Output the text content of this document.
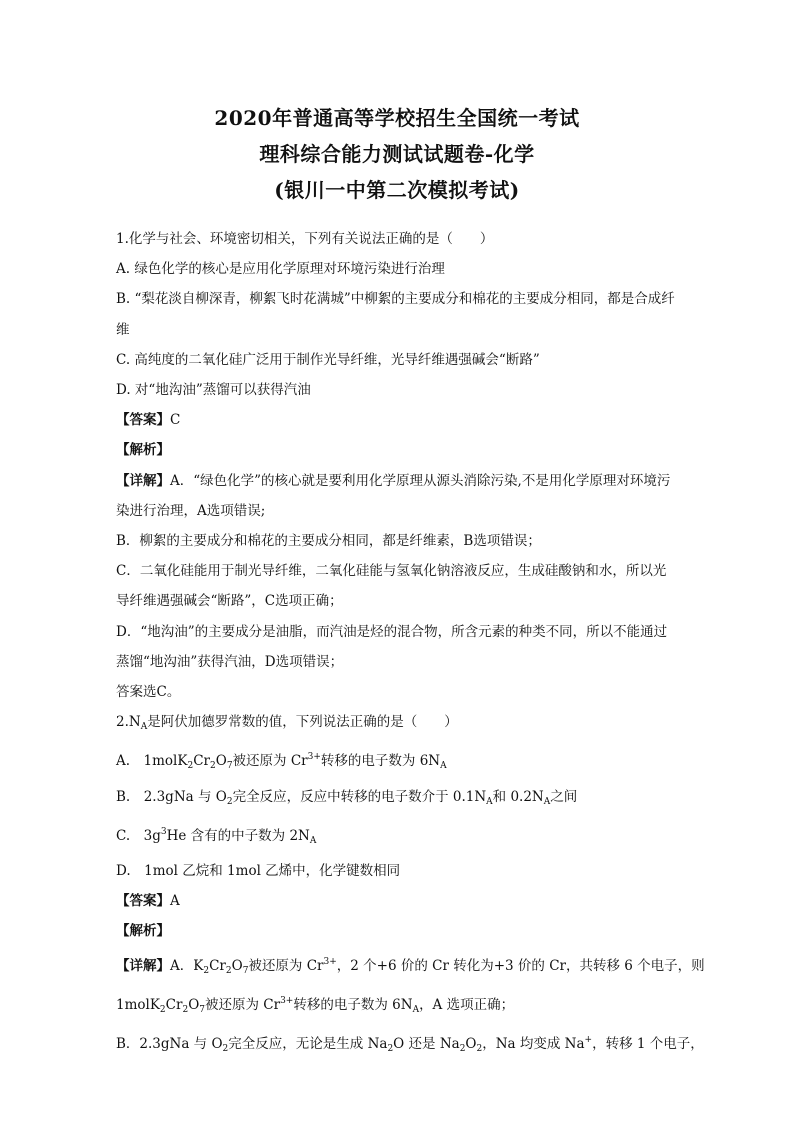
2020年普通高等学校招生全国统一考试
理科综合能力测试试题卷-化学
(银川一中第二次模拟考试)
1.化学与社会、环境密切相关，下列有关说法正确的是（　　）
A. 绿色化学的核心是应用化学原理对环境污染进行治理
B. “梨花淡自柳深青，柳絮飞时花满城”中柳絮的主要成分和棉花的主要成分相同，都是合成纤
维
C. 高纯度的二氧化硅广泛用于制作光导纤维，光导纤维遇强碱会“断路”
D. 对“地沟油”蒸馏可以获得汽油
【答案】C
【解析】
【详解】A．“绿色化学”的核心就是要利用化学原理从源头消除污染,不是用化学原理对环境污
染进行治理，A选项错误;
B．柳絮的主要成分和棉花的主要成分相同，都是纤维素，B选项错误；
C．二氧化硅能用于制光导纤维，二氧化硅能与氢氧化钠溶液反应，生成硅酸钠和水，所以光
导纤维遇强碱会“断路”，C选项正确；
D．“地沟油”的主要成分是油脂，而汽油是烃的混合物，所含元素的种类不同，所以不能通过
蒸馏“地沟油”获得汽油，D选项错误；
答案选C。
$2.N_A$是阿伏加德罗常数的值，下列说法正确的是（　　）
A.　$1molK_2Cr_2O_7$被还原为 $Cr^{3+}$转移的电子数为 $6N_A$
B.　2.3gNa 与 $O_2$完全反应，反应中转移的电子数介于 $0.1N_A$和 $0.2N_A$之间
C.　$3g^3He$ 含有的中子数为 $2N_A$
D.　1mol 乙烷和 1mol 乙烯中，化学键数相同
【答案】A
【解析】
【详解】A．$K_2Cr_2O_7$被还原为 $Cr^{3+}$，2 个+6 价的 Cr 转化为+3 价的 Cr，共转移 6 个电子，则
$1molK_2Cr_2O_7$被还原为 $Cr^{3+}$转移的电子数为 $6N_A$，A 选项正确；
B．2.3gNa 与 $O_2$完全反应，无论是生成 $Na_2O$ 还是 $Na_2O_2$，Na 均变成 Na+，转移 1 个电子，
